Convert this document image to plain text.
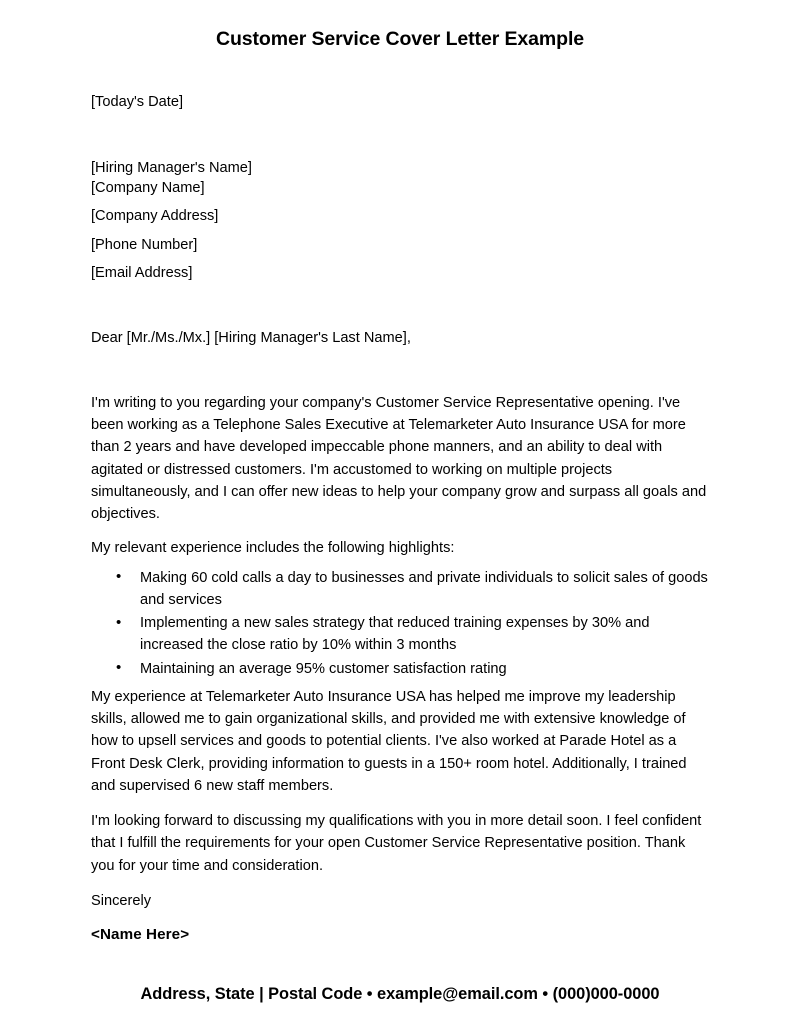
Customer Service Cover Letter Example

[Today's Date]

[Hiring Manager's Name]

[Company Name]

[Company Address]

[Phone Number]

[Email Address]

Dear [Mr./Ms./Mx.] [Hiring Manager's Last Name],

I'm writing to you regarding your company's Customer Service Representative opening. I've been working as a Telephone Sales Executive at Telemarketer Auto Insurance USA for more than 2 years and have developed impeccable phone manners, and an ability to deal with agitated or distressed customers. I'm accustomed to working on multiple projects simultaneously, and I can offer new ideas to help your company grow and surpass all goals and objectives.

My relevant experience includes the following highlights:

• Making 60 cold calls a day to businesses and private individuals to solicit sales of goods and services
• Implementing a new sales strategy that reduced training expenses by 30% and increased the close ratio by 10% within 3 months
• Maintaining an average 95% customer satisfaction rating

My experience at Telemarketer Auto Insurance USA has helped me improve my leadership skills, allowed me to gain organizational skills, and provided me with extensive knowledge of how to upsell services and goods to potential clients. I've also worked at Parade Hotel as a Front Desk Clerk, providing information to guests in a 150+ room hotel. Additionally, I trained and supervised 6 new staff members.

I'm looking forward to discussing my qualifications with you in more detail soon. I feel confident that I fulfill the requirements for your open Customer Service Representative position. Thank you for your time and consideration.

Sincerely

<Name Here>

Address, State | Postal Code • example@email.com • (000)000-0000
